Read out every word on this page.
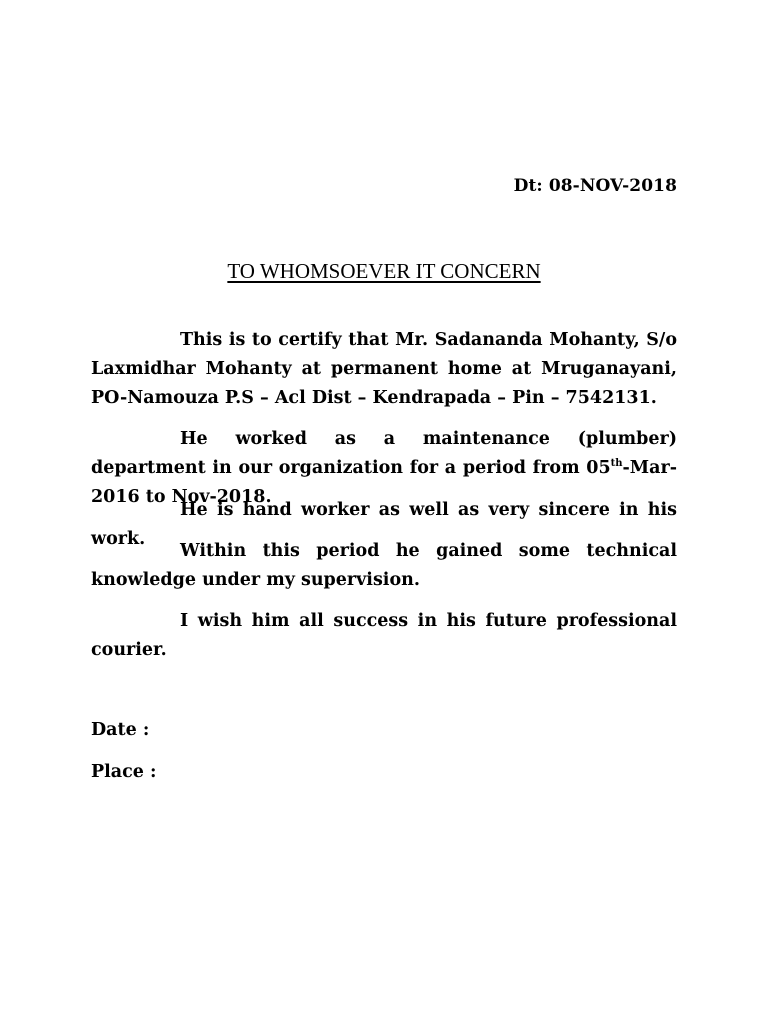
Dt: 08-NOV-2018
TO WHOMSOEVER IT CONCERN

This is to certify that Mr. Sadananda Mohanty, S/o Laxmidhar Mohanty at permanent home at Mruganayani, PO-Namouza P.S – Acl Dist – Kendrapada – Pin – 7542131.

He worked as a maintenance (plumber) department in our organization for a period from 05th-Mar-2016 to Nov-2018.

He is hand worker as well as very sincere in his work.

Within this period he gained some technical knowledge under my supervision.

I wish him all success in his future professional courier.

Date :
Place :
